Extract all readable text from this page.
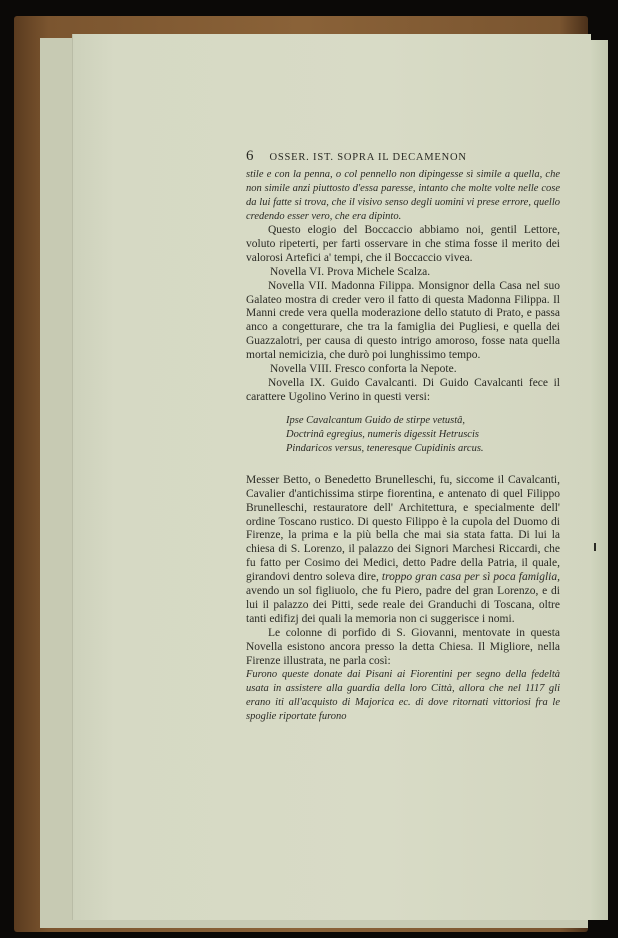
6 OSSER. IST. SOPRA IL DECAMENON

stile e con la penna, o col pennello non dipingesse sì simile a quella, che non simile anzi piuttosto d'essa paresse, intanto che molte volte nelle cose da lui fatte si trova, che il visivo senso degli uomini vi prese errore, quello credendo esser vero, che era dipinto.

Questo elogio del Boccaccio abbiamo noi, gentil Lettore, voluto ripeterti, per farti osservare in che stima fosse il merito dei valorosi Artefici a' tempi, che il Boccaccio vivea.

Novella VI. Prova Michele Scalza.

Novella VII. Madonna Filippa. Monsignor della Casa nel suo Galateo mostra di creder vero il fatto di questa Madonna Filippa. Il Manni crede vera quella moderazione dello statuto di Prato, e passa anco a congetturare, che tra la famiglia dei Pugliesi, e quella dei Guazzalotri, per causa di questo intrigo amoroso, fosse nata quella mortal nemicizia, che durò poi lunghissimo tempo.

Novella VIII. Fresco conforta la Nepote.

Novella IX. Guido Cavalcanti. Di Guido Cavalcanti fece il carattere Ugolino Verino in questi versi:

Ipse Cavalcantum Guido de stirpe vetustâ,

Doctrinâ egregius, numeris digessit Hetruscis

Pindaricos versus, teneresque Cupidinis arcus.

Messer Betto, o Benedetto Brunelleschi, fu, siccome il Cavalcanti, Cavalier d'antichissima stirpe fiorentina, e antenato di quel Filippo Brunelleschi, restauratore dell' Architettura, e specialmente dell' ordine Toscano rustico. Di questo Filippo è la cupola del Duomo di Firenze, la prima e la più bella che mai sia stata fatta. Di lui la chiesa di S. Lorenzo, il palazzo dei Signori Marchesi Riccardi, che fu fatto per Cosimo dei Medici, detto Padre della Patria, il quale, girandovi dentro soleva dire, troppo gran casa per sì poca famiglia, avendo un sol figliuolo, che fu Piero, padre del gran Lorenzo, e di lui il palazzo dei Pitti, sede reale dei Granduchi di Toscana, oltre tanti edifizj dei quali la memoria non ci suggerisce i nomi.

Le colonne di porfido di S. Giovanni, mentovate in questa Novella esistono ancora presso la detta Chiesa. Il Migliore, nella Firenze illustrata, ne parla così:

Furono queste donate dai Pisani ai Fiorentini per segno della fedeltà usata in assistere alla guardia della loro Città, allora che nel 1117 gli erano iti all'acquisto di Majorica ec. di dove ritornati vittoriosi fra le spoglie riportate furono
